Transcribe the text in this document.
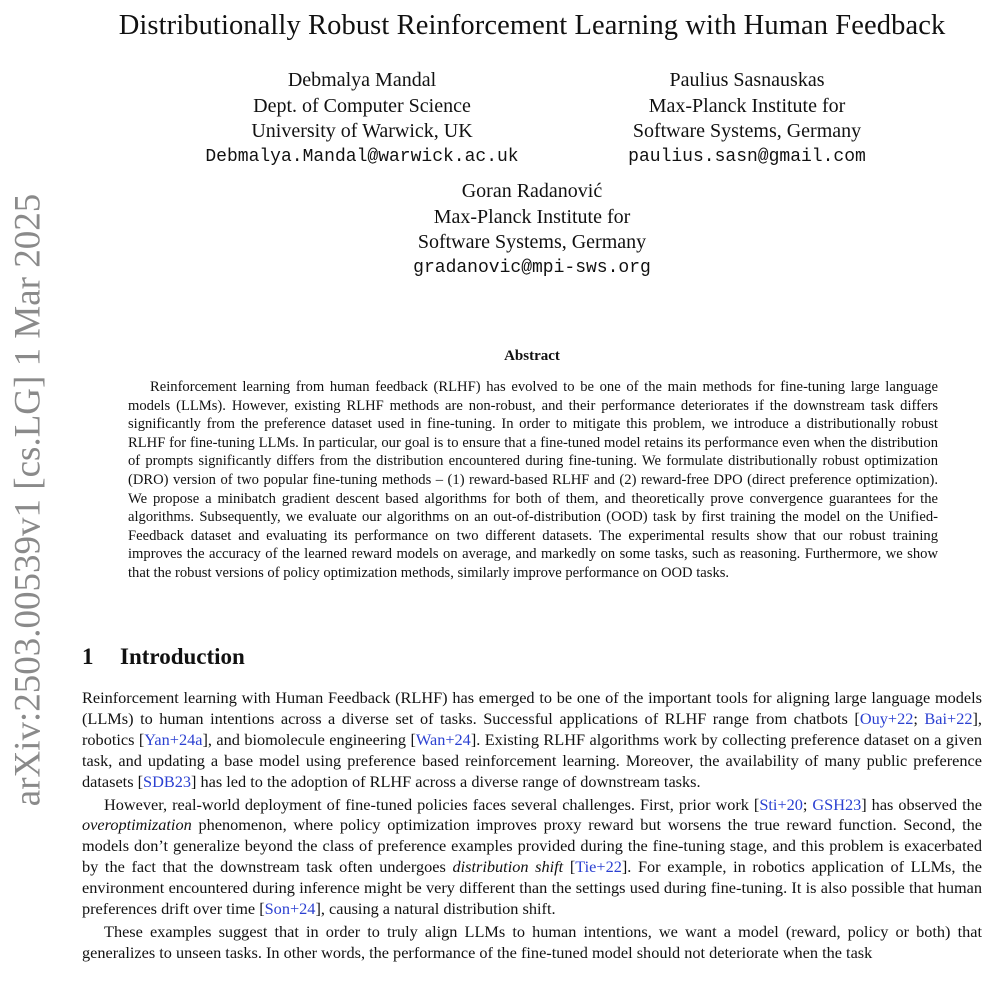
arXiv:2503.00539v1 [cs.LG] 1 Mar 2025
Distributionally Robust Reinforcement Learning with Human Feedback
Debmalya Mandal
Dept. of Computer Science
University of Warwick, UK
Debmalya.Mandal@warwick.ac.uk
Paulius Sasnauskas
Max-Planck Institute for
Software Systems, Germany
paulius.sasn@gmail.com
Goran Radanović
Max-Planck Institute for
Software Systems, Germany
gradanovic@mpi-sws.org
Abstract

Reinforcement learning from human feedback (RLHF) has evolved to be one of the main methods for fine-tuning large language models (LLMs). However, existing RLHF methods are non-robust, and their performance deteriorates if the downstream task differs significantly from the preference dataset used in fine-tuning. In order to mitigate this problem, we introduce a distributionally robust RLHF for fine-tuning LLMs. In particular, our goal is to ensure that a fine-tuned model retains its performance even when the distribution of prompts significantly differs from the distribution encountered during fine-tuning. We formulate distributionally robust optimization (DRO) version of two popular fine-tuning methods – (1) reward-based RLHF and (2) reward-free DPO (direct preference optimization). We propose a minibatch gradient descent based algorithms for both of them, and theoretically prove convergence guarantees for the algorithms. Subsequently, we evaluate our algorithms on an out-of-distribution (OOD) task by first training the model on the Unified-Feedback dataset and evaluating its performance on two different datasets. The experimental results show that our robust training improves the accuracy of the learned reward models on average, and markedly on some tasks, such as reasoning. Furthermore, we show that the robust versions of policy optimization methods, similarly improve performance on OOD tasks.

1 Introduction

Reinforcement learning with Human Feedback (RLHF) has emerged to be one of the important tools for aligning large language models (LLMs) to human intentions across a diverse set of tasks. Successful applications of RLHF range from chatbots [Ouy+22; Bai+22], robotics [Yan+24a], and biomolecule engineering [Wan+24]. Existing RLHF algorithms work by collecting preference dataset on a given task, and updating a base model using preference based reinforcement learning. Moreover, the availability of many public preference datasets [SDB23] has led to the adoption of RLHF across a diverse range of downstream tasks.

However, real-world deployment of fine-tuned policies faces several challenges. First, prior work [Sti+20; GSH23] has observed the overoptimization phenomenon, where policy optimization improves proxy reward but worsens the true reward function. Second, the models don’t generalize beyond the class of preference examples provided during the fine-tuning stage, and this problem is exacerbated by the fact that the downstream task often undergoes distribution shift [Tie+22]. For example, in robotics application of LLMs, the environment encountered during inference might be very different than the settings used during fine-tuning. It is also possible that human preferences drift over time [Son+24], causing a natural distribution shift.

These examples suggest that in order to truly align LLMs to human intentions, we want a model (reward, policy or both) that generalizes to unseen tasks. In other words, the performance of the fine-tuned model should not deteriorate when the task
